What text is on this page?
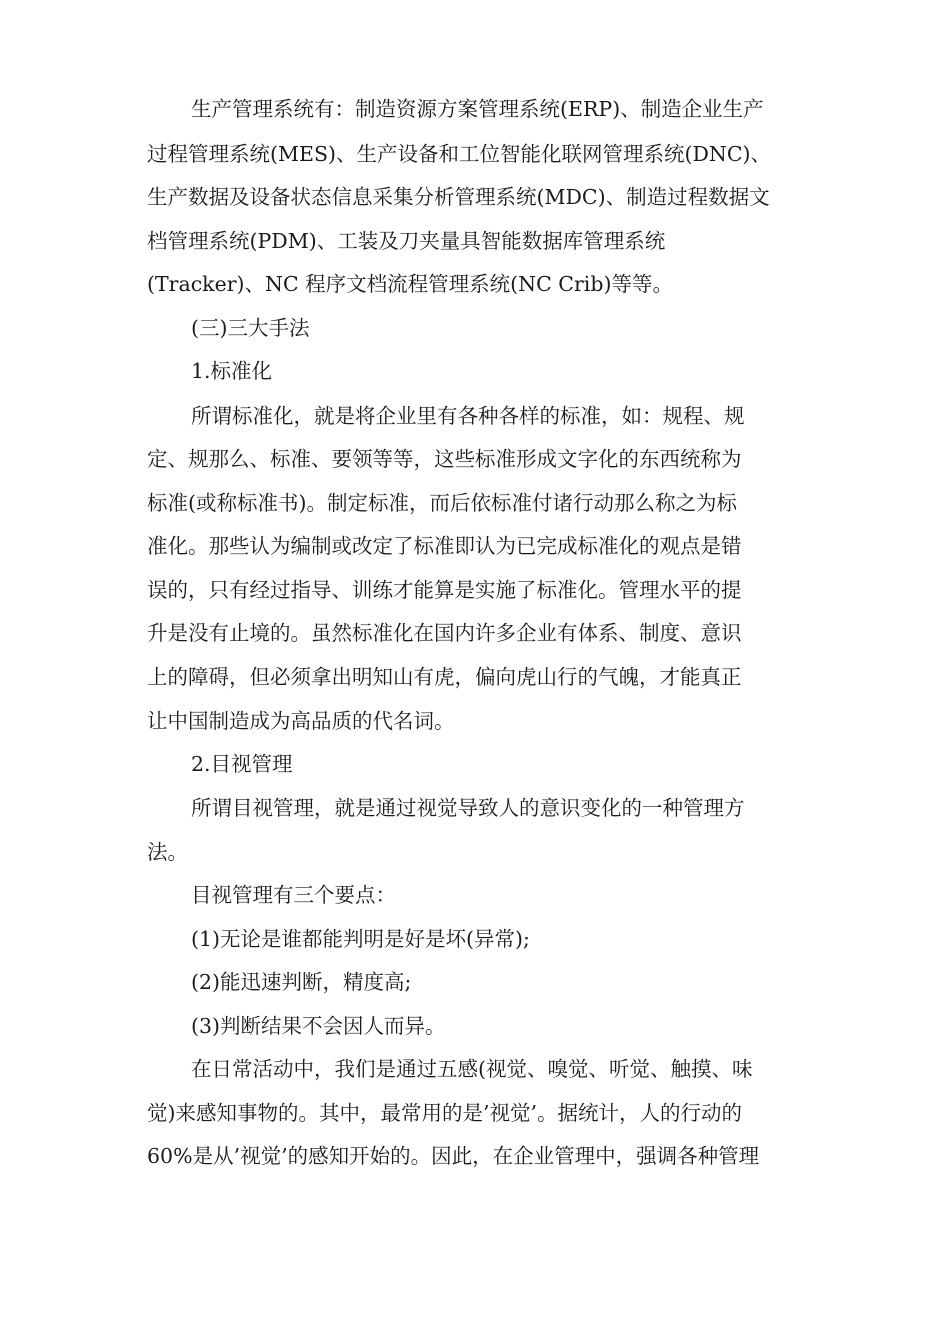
生产管理系统有：制造资源方案管理系统(ERP)、制造企业生产
过程管理系统(MES)、生产设备和工位智能化联网管理系统(DNC)、
生产数据及设备状态信息采集分析管理系统(MDC)、制造过程数据文
档管理系统(PDM)、工装及刀夹量具智能数据库管理系统
(Tracker)、NC 程序文档流程管理系统(NC Crib)等等。
(三)三大手法
1.标准化
所谓标准化，就是将企业里有各种各样的标准，如：规程、规
定、规那么、标准、要领等等，这些标准形成文字化的东西统称为
标准(或称标准书)。制定标准，而后依标准付诸行动那么称之为标
准化。那些认为编制或改定了标准即认为已完成标准化的观点是错
误的，只有经过指导、训练才能算是实施了标准化。管理水平的提
升是没有止境的。虽然标准化在国内许多企业有体系、制度、意识
上的障碍，但必须拿出明知山有虎，偏向虎山行的气魄，才能真正
让中国制造成为高品质的代名词。
2.目视管理
所谓目视管理，就是通过视觉导致人的意识变化的一种管理方
法。
目视管理有三个要点：
(1)无论是谁都能判明是好是坏(异常);
(2)能迅速判断，精度高;
(3)判断结果不会因人而异。
在日常活动中，我们是通过五感(视觉、嗅觉、听觉、触摸、味
觉)来感知事物的。其中，最常用的是’视觉’。据统计，人的行动的
60%是从’视觉’的感知开始的。因此，在企业管理中，强调各种管理
